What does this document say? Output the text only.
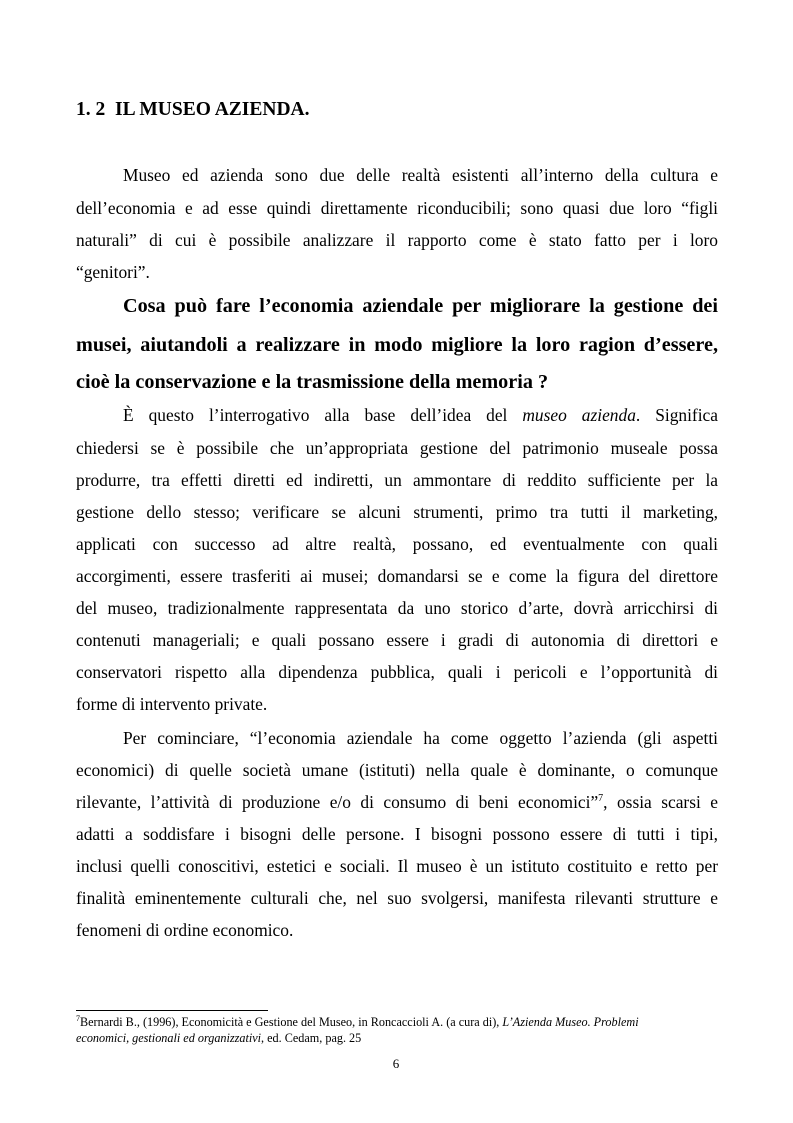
1. 2  IL MUSEO AZIENDA.

Museo ed azienda sono due delle realtà esistenti all’interno della cultura e

dell’economia e ad esse quindi direttamente riconducibili; sono quasi due loro “figli

naturali” di cui è possibile analizzare il rapporto come è stato fatto per i loro

“genitori”.

Cosa può fare l’economia aziendale per migliorare la gestione dei

musei, aiutandoli a realizzare in modo migliore la loro ragion d’essere,

cioè la conservazione e la trasmissione della memoria ?

È questo l’interrogativo alla base dell’idea del museo azienda. Significa

chiedersi se è possibile che un’appropriata gestione del patrimonio museale possa

produrre, tra effetti diretti ed indiretti, un ammontare di reddito sufficiente per la

gestione dello stesso; verificare se alcuni strumenti, primo tra tutti il marketing,

applicati con successo ad altre realtà, possano, ed eventualmente con quali

accorgimenti, essere trasferiti ai musei; domandarsi se e come la figura del direttore

del museo, tradizionalmente rappresentata da uno storico d’arte, dovrà arricchirsi di

contenuti manageriali; e quali possano essere i gradi di autonomia di direttori e

conservatori rispetto alla dipendenza pubblica, quali i pericoli e l’opportunità di

forme di intervento private.

Per cominciare, “l’economia aziendale ha come oggetto l’azienda (gli aspetti

economici) di quelle società umane (istituti) nella quale è dominante, o comunque

rilevante, l’attività di produzione e/o di consumo di beni economici”$^7$, ossia scarsi e

adatti a soddisfare i bisogni delle persone. I bisogni possono essere di tutti i tipi,

inclusi quelli conoscitivi, estetici e sociali. Il museo è un istituto costituito e retto per

finalità eminentemente culturali che, nel suo svolgersi, manifesta rilevanti strutture e

fenomeni di ordine economico.

$^7$Bernardi B., (1996), Economicità e Gestione del Museo, in Roncaccioli A. (a cura di), L’Azienda Museo. Problemi

economici, gestionali ed organizzativi, ed. Cedam, pag. 25

6
